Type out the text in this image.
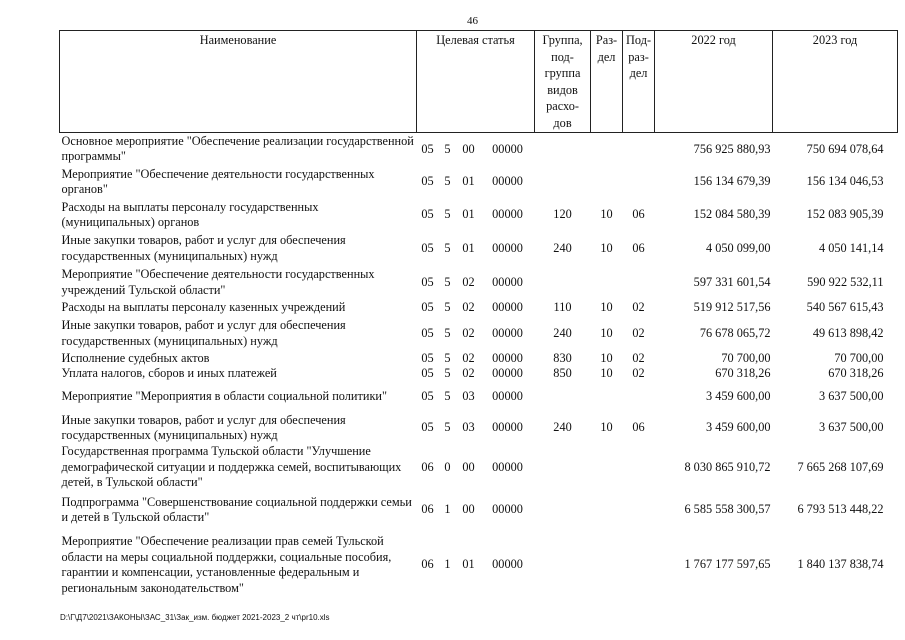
46
Наименование	Целевая статья				Группа, под-группа видов расхо-дов	Раз-дел	Под-раз-дел	2022 год	2023 год
Основное мероприятие "Обеспечение реализации государственной программы"	05	5	00	00000				756 925 880,93	750 694 078,64
Мероприятие "Обеспечение деятельности государственных органов"	05	5	01	00000				156 134 679,39	156 134 046,53
Расходы на выплаты персоналу государственных (муниципальных) органов	05	5	01	00000	120	10	06	152 084 580,39	152 083 905,39
Иные закупки товаров, работ и услуг для обеспечения государственных (муниципальных) нужд	05	5	01	00000	240	10	06	4 050 099,00	4 050 141,14
Мероприятие "Обеспечение деятельности государственных учреждений Тульской области"	05	5	02	00000				597 331 601,54	590 922 532,11
Расходы на выплаты персоналу казенных учреждений	05	5	02	00000	110	10	02	519 912 517,56	540 567 615,43
Иные закупки товаров, работ и услуг для обеспечения государственных (муниципальных) нужд	05	5	02	00000	240	10	02	76 678 065,72	49 613 898,42
Исполнение судебных актов	05	5	02	00000	830	10	02	70 700,00	70 700,00
Уплата налогов, сборов и иных платежей	05	5	02	00000	850	10	02	670 318,26	670 318,26
Мероприятие "Мероприятия в области социальной политики"	05	5	03	00000				3 459 600,00	3 637 500,00
Иные закупки товаров, работ и услуг для обеспечения государственных (муниципальных) нужд	05	5	03	00000	240	10	06	3 459 600,00	3 637 500,00
Государственная программа Тульской области "Улучшение демографической ситуации и поддержка семей, воспитывающих детей, в Тульской области"	06	0	00	00000				8 030 865 910,72	7 665 268 107,69
Подпрограмма "Совершенствование социальной поддержки семьи и детей в Тульской области"	06	1	00	00000				6 585 558 300,57	6 793 513 448,22
Мероприятие "Обеспечение реализации прав семей Тульской области на меры социальной поддержки, социальные пособия, гарантии и компенсации, установленные федеральным и региональным законодательством"	06	1	01	00000				1 767 177 597,65	1 840 137 838,74
D:\Г\Д7\2021\ЗАКОНЫ\ЗАС_31\Зак_изм. бюджет 2021-2023_2 чт\pr10.xls
